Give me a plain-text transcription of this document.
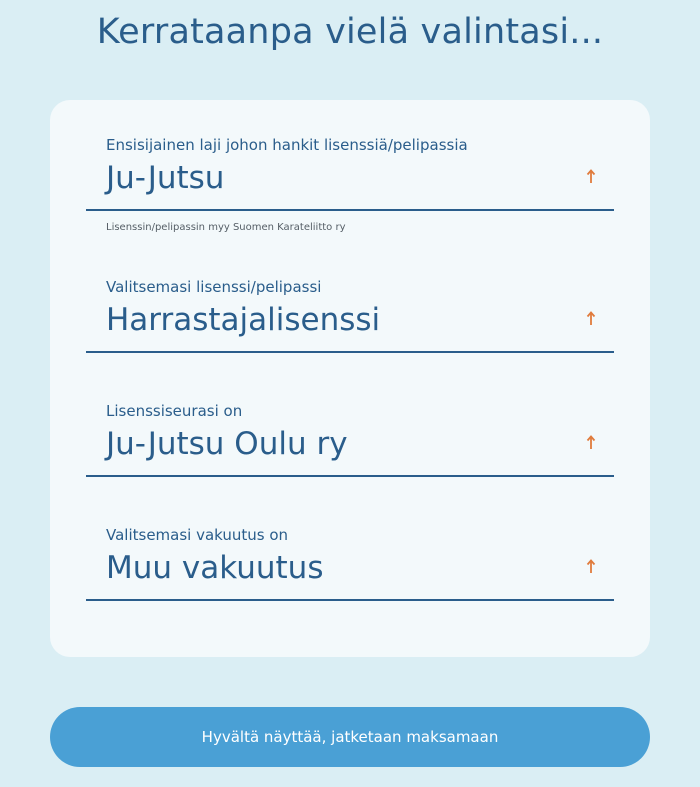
Kerrataanpa vielä valintasi...
Ensisijainen laji johon hankit lisenssiä/pelipassia
Ju-Jutsu
Lisenssin/pelipassin myy Suomen Karateliitto ry
Valitsemasi lisenssi/pelipassi
Harrastajalisenssi
Lisenssiseurasi on
Ju-Jutsu Oulu ry
Valitsemasi vakuutus on
Muu vakuutus
Hyvältä näyttää, jatketaan maksamaan
